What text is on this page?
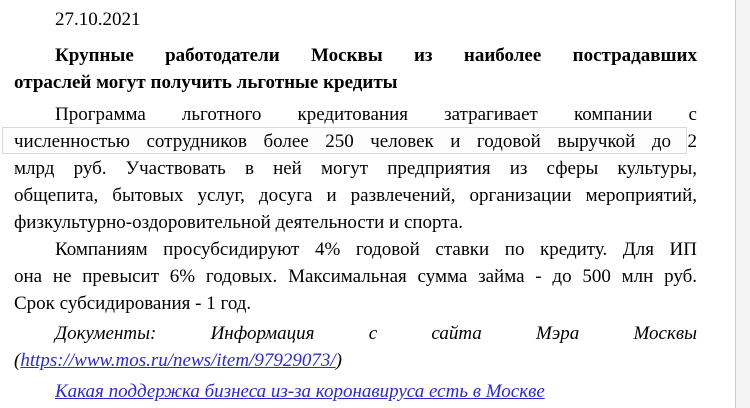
27.10.2021
Крупные работодатели Москвы из наиболее пострадавших
отраслей могут получить льготные кредиты
Программа льготного кредитования затрагивает компании с
численностью сотрудников более 250 человек и годовой выручкой до 2
млрд руб. Участвовать в ней могут предприятия из сферы культуры,
общепита, бытовых услуг, досуга и развлечений, организации мероприятий,
физкультурно-оздоровительной деятельности и спорта.
Компаниям просубсидируют 4% годовой ставки по кредиту. Для ИП
она не превысит 6% годовых. Максимальная сумма займа - до 500 млн руб.
Срок субсидирования - 1 год.
Документы: Информация с сайта Мэра Москвы
(https://www.mos.ru/news/item/97929073/)
Какая поддержка бизнеса из-за коронавируса есть в Москве
